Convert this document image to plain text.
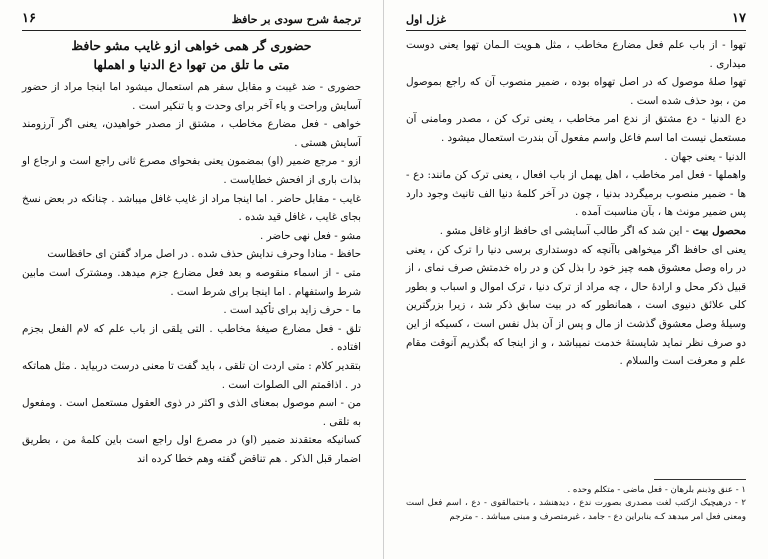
ترجمهٔ شرح سودی بر حافظ
۱۶

حضوری گر همی خواهی ازو غایب مشو حافظ

متی ما تلق من تهوا دع الدنیا و اهملها

حضوری - ضد غیبت و مقابل سفر هم استعمال میشود اما اینجا مراد از حضور آسایش وراحت و یاء آخر برای وحدت و یا تنکیر است .

خواهی - فعل مضارع مخاطب ، مشتق از مصدر خواهیدن، یعنی اگر آرزومند آسایش هستی .

ازو - مرجع ضمیر (او) بمضمون یعنی بفحوای مصرع ثانی راجع است و ارجاع او بذات باری از افحش خطایاست .

غایب - مقابل حاضر . اما اینجا مراد از غایب غافل میباشد . چنانکه در بعض نسخ بجای غایب ، غافل قید شده .

مشو - فعل نهی حاضر .

حافظ - منادا وحرف ندایش حذف شده . در اصل مراد گفتن ای حافظاست

متی - از اسماء منقوصه و بعد فعل مضارع جزم میدهد. ومشترک است مابین شرط واستفهام . اما اینجا برای شرط است .

ما - حرف زاید برای تأکید است .

تلق - فعل مضارع صیغهٔ مخاطب . التی یلقی از باب علم که لام الفعل بجزم افتاده .

بتقدیر کلام : متی اردت ان تلقی ، باید گفت تا معنی درست دربیاید . مثل هماتکه در . اذاقمتم الی الصلوات است .

من - اسم موصول بمعنای الذی و اکثر در ذوی العقول مستعمل است . ومفعول به تلقی .

کسانیکه معتقدند ضمیر (او) در مصرع اول راجع است باین کلمهٔ من ، بطریق اضمار قبل الذکر . هم تناقض گفته وهم خطا کرده اند

۱۷
غزل اول

تهوا - از باب علم فعل مضارع مخاطب ، مثل هـویت الـمان تهوا یعنی دوست میداری .

تهوا صلهٔ موصول که در اصل تهواه بوده ، ضمیر منصوب آن که راجع بموصول من ، بود حذف شده است .

دع الدنیا - دع مشتق از ندع امر مخاطب ، یعنی ترک کن ، مصدر ومامنی آن مستعمل نیست اما اسم فاعل واسم مفعول آن بندرت استعمال میشود .

الدنیا - یعنی جهان .

واهملها - فعل امر مخاطب ، اهل یهمل از باب افعال ، یعنی ترک کن مانند: دع - ها - ضمیر منصوب برمیگردد بدنیا ، چون در آخر کلمهٔ دنیا الف تانیث وجود دارد پس ضمیر مونث ها ، بآن مناسبت آمده .

محصول بیت - این شد که اگر طالب آسایشی ای حافظ ازاو غافل مشو .

یعنی ای حافظ اگر میخواهی باآنچه که دوستداری برسی دنیا را ترک کن ، یعنی در راه وصل معشوق همه چیز خود را بذل کن و در راه خدمتش صرف نمای ، از قبیل ذکر محل و ارادهٔ حال ، چه مراد از ترک دنیا ، ترک اموال و اسباب و بطور کلی علائق دنیوی است ، همانطور که در بیت سابق ذکر شد ، زیرا بزرگترین وسیلهٔ وصل معشوق گذشت از مال و پس از آن بذل نفس است ، کسیکه از این دو صرف نظر نماید شایستهٔ خدمت نمیباشد ، و از اینجا که بگذریم آنوقت مقام علم و معرفت است والسلام .

۱ - عنق وذبنم بلرهان - فعل ماضی - متکلم وحده .

۲ - درهیچیک ازکتب لغت مصدری بصورت ندع ، دیدهنشد ، باحتمالقوی - دع ، اسم فعل است ومعنی فعل امر میدهد کـه بنابراین دع - جامد ، غیرمتصرف و مبنی میباشد . - مترجم
